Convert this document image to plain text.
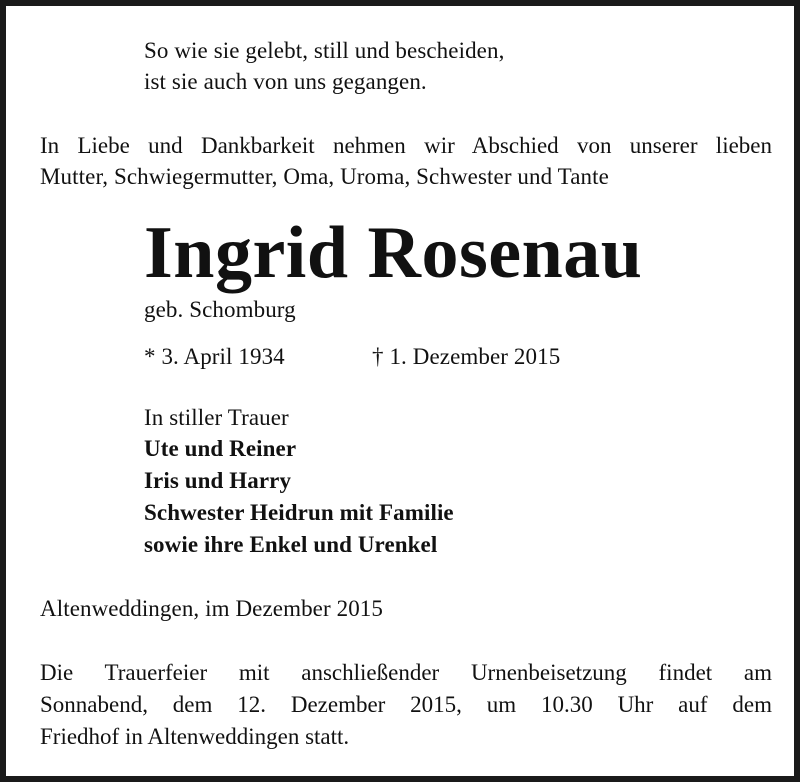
So wie sie gelebt, still und bescheiden,
ist sie auch von uns gegangen.
In Liebe und Dankbarkeit nehmen wir Abschied von unserer lieben
Mutter, Schwiegermutter, Oma, Uroma, Schwester und Tante
Ingrid Rosenau
geb. Schomburg
* 3. April 1934	† 1. Dezember 2015
In stiller Trauer
Ute und Reiner
Iris und Harry
Schwester Heidrun mit Familie
sowie ihre Enkel und Urenkel
Altenweddingen, im Dezember 2015
Die Trauerfeier mit anschließender Urnenbeisetzung findet am
Sonnabend, dem 12. Dezember 2015, um 10.30 Uhr auf dem
Friedhof in Altenweddingen statt.
